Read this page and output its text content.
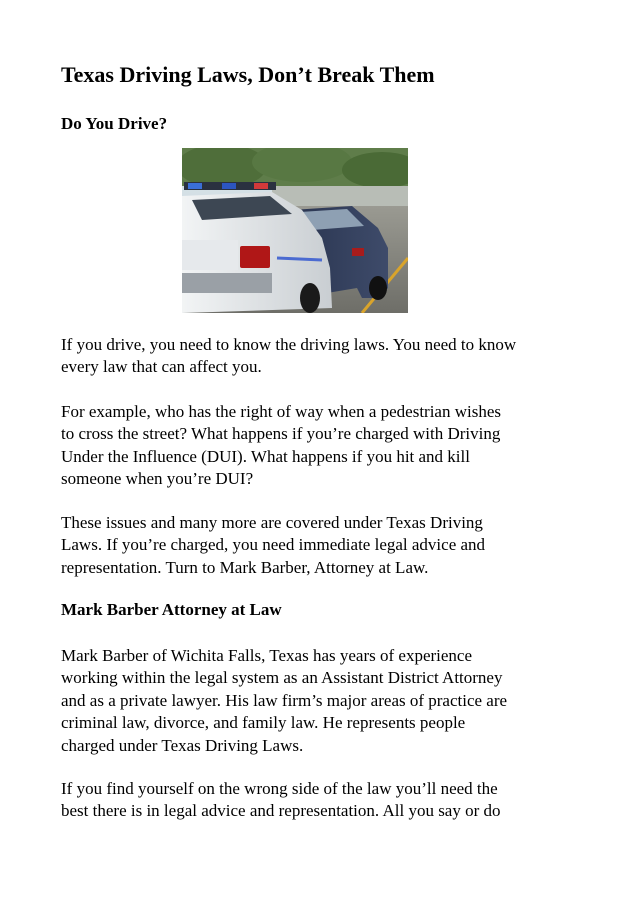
Texas Driving Laws, Don’t Break Them
Do You Drive?
If you drive, you need to know the driving laws. You need to know
every law that can affect you.
For example, who has the right of way when a pedestrian wishes
to cross the street? What happens if you’re charged with Driving
Under the Influence (DUI). What happens if you hit and kill
someone when you’re DUI?
These issues and many more are covered under Texas Driving
Laws. If you’re charged, you need immediate legal advice and
representation. Turn to Mark Barber, Attorney at Law.
Mark Barber Attorney at Law
Mark Barber of Wichita Falls, Texas has years of experience
working within the legal system as an Assistant District Attorney
and as a private lawyer. His law firm’s major areas of practice are
criminal law, divorce, and family law. He represents people
charged under Texas Driving Laws.
If you find yourself on the wrong side of the law you’ll need the
best there is in legal advice and representation. All you say or do
